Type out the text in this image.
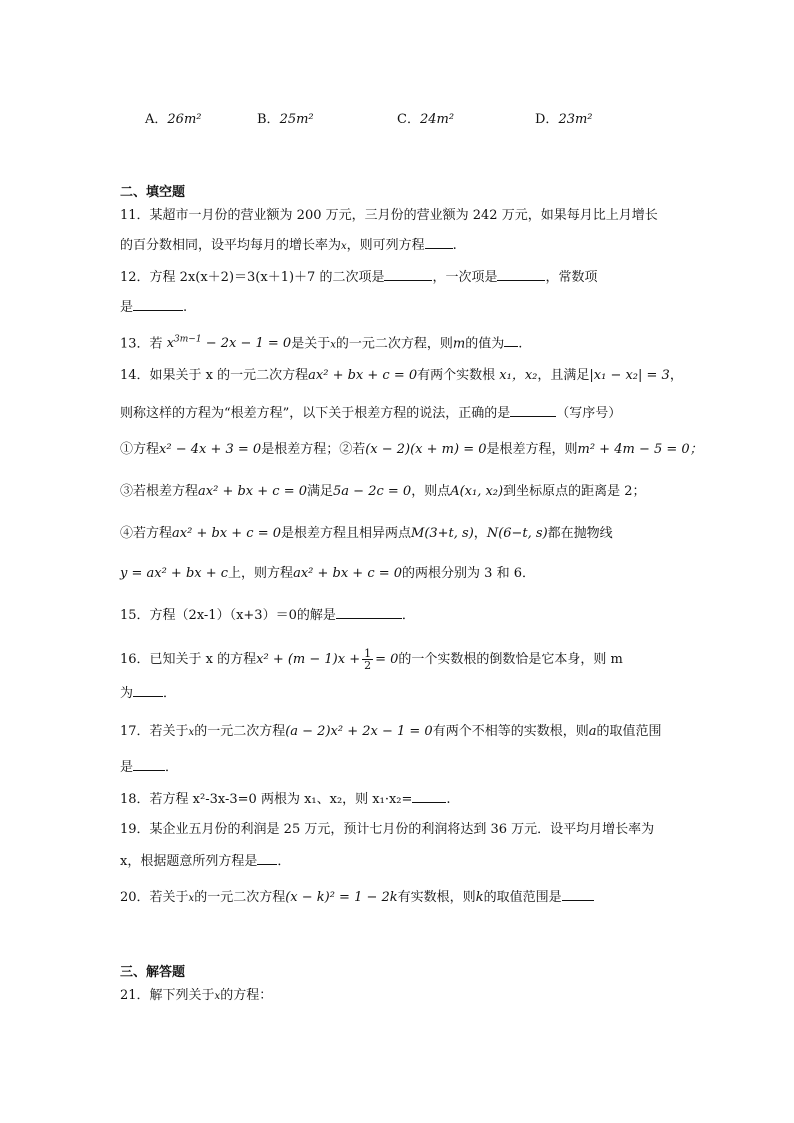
A．26m²	B．25m²	C．24m²	D．23m²
二、填空题
11．某超市一月份的营业额为 200 万元，三月份的营业额为 242 万元，如果每月比上月增长
的百分数相同，设平均每月的增长率为x，则可列方程 .
12．方程 2x(x＋2)＝3(x＋1)＋7 的二次项是	，一次项是	，常数项
是	.
13．若 $x^{3m-1} - 2x - 1 = 0$是关于x的一元二次方程，则m的值为 .
14．如果关于 x 的一元二次方程ax² + bx + c = 0有两个实数根 x₁，x₂，且满足|x₁ − x₂| = 3，
则称这样的方程为“根差方程”，以下关于根差方程的说法，正确的是	（写序号）
①方程x² − 4x + 3 = 0是根差方程；②若(x − 2)(x + m) = 0是根差方程，则m² + 4m − 5 = 0；
③若根差方程ax² + bx + c = 0满足5a − 2c = 0，则点A(x₁, x₂)到坐标原点的距离是 2；
④若方程ax² + bx + c = 0是根差方程且相异两点M(3+t, s)，N(6−t, s)都在抛物线
y = ax² + bx + c上，则方程ax² + bx + c = 0的两根分别为 3 和 6．
15．方程（2x-1）（x+3）＝0的解是	．
16．已知关于 x 的方程$x^2 + (m - 1)x + \frac{1}{2} = 0$的一个实数根的倒数恰是它本身，则 m
为 ．
17．若关于x的一元二次方程(a − 2)x² + 2x − 1 = 0有两个不相等的实数根，则a的取值范围
是 ．
18．若方程 x²-3x-3=0 两根为 x₁、x₂，则 x₁·x₂=	.
19．某企业五月份的利润是 25 万元，预计七月份的利润将达到 36 万元．设平均月增长率为
x，根据题意所列方程是 ．
20．若关于x的一元二次方程(x − k)² = 1 − 2k有实数根，则k的取值范围是
三、解答题
21．解下列关于x的方程：
